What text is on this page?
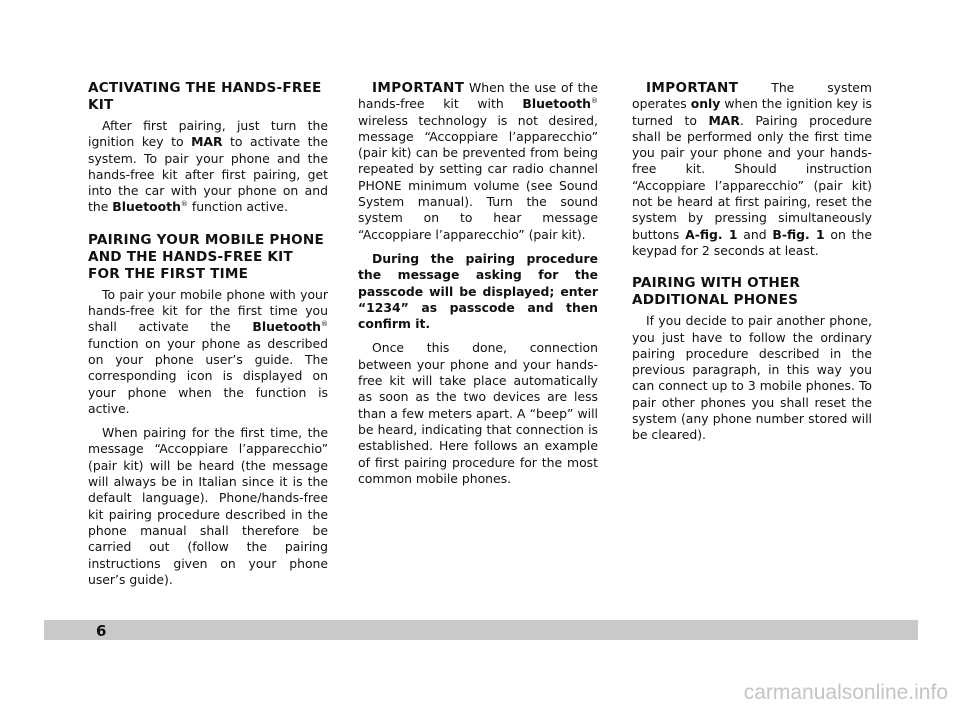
ACTIVATING THE HANDS-FREE KIT

After first pairing, just turn the ignition key to MAR to activate the system. To pair your phone and the hands-free kit after first pairing, get into the car with your phone on and the Bluetooth® function active.

PAIRING YOUR MOBILE PHONE AND THE HANDS-FREE KIT FOR THE FIRST TIME

To pair your mobile phone with your hands-free kit for the first time you shall activate the Bluetooth® function on your phone as described on your phone user’s guide. The corresponding icon is displayed on your phone when the function is active.

When pairing for the first time, the message “Accoppiare l’apparecchio” (pair kit) will be heard (the message will always be in Italian since it is the default language). Phone/hands-free kit pairing procedure described in the phone manual shall therefore be carried out (follow the pairing instructions given on your phone user’s guide).

IMPORTANT When the use of the hands-free kit with Bluetooth® wireless technology is not desired, message “Accoppiare l’apparecchio” (pair kit) can be prevented from being repeated by setting car radio channel PHONE minimum volume (see Sound System manual). Turn the sound system on to hear message “Accoppiare l’apparecchio” (pair kit).

During the pairing procedure the message asking for the passcode will be displayed; enter “1234” as passcode and then confirm it.

Once this done, connection between your phone and your hands-free kit will take place automatically as soon as the two devices are less than a few meters apart. A “beep” will be heard, indicating that connection is established. Here follows an example of first pairing procedure for the most common mobile phones.

IMPORTANT The system operates only when the ignition key is turned to MAR. Pairing procedure shall be performed only the first time you pair your phone and your hands-free kit. Should instruction “Accoppiare l’apparecchio” (pair kit) not be heard at first pairing, reset the system by pressing simultaneously buttons A-fig. 1 and B-fig. 1 on the keypad for 2 seconds at least.

PAIRING WITH OTHER ADDITIONAL PHONES

If you decide to pair another phone, you just have to follow the ordinary pairing procedure described in the previous paragraph, in this way you can connect up to 3 mobile phones. To pair other phones you shall reset the system (any phone number stored will be cleared).

6
carmanualsonline.info
